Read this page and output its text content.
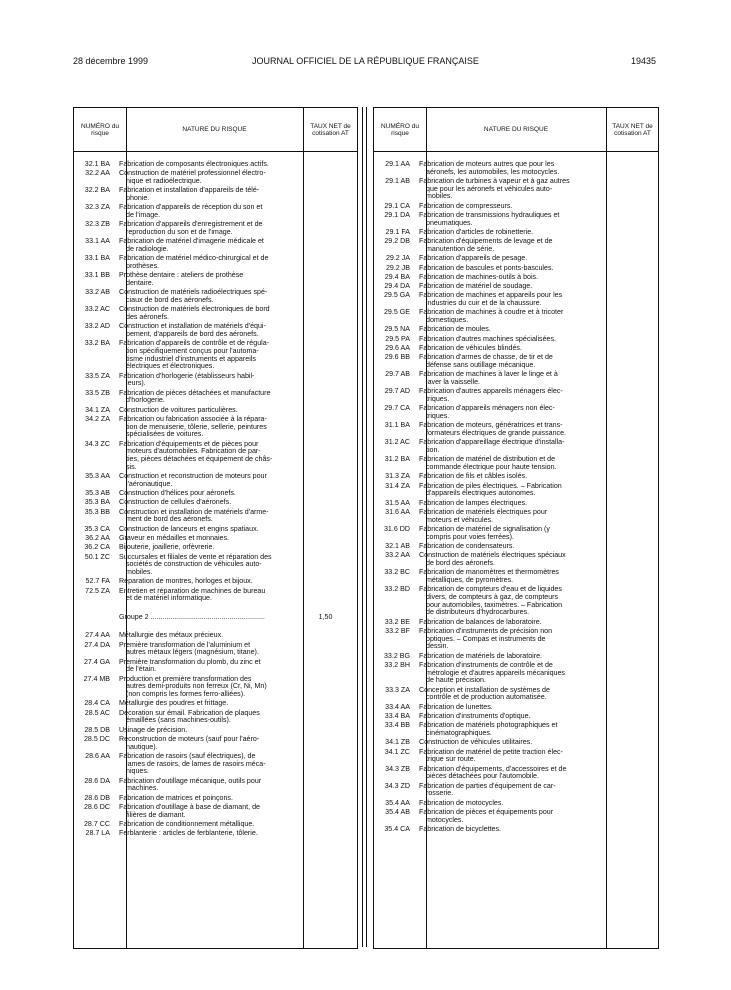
28 décembre 1999	JOURNAL OFFICIEL DE LA RÉPUBLIQUE FRANÇAISE	19435
NUMÉRO du risque	NATURE DU RISQUE	TAUX NET de cotisation AT
32.1 BA Fabrication de composants électroniques actifs.
32.2 AA Construction de matériel professionnel électro-
nique et radioélectrique.
32.2 BA Fabrication et installation d'appareils de télé-
phonie.
32.3 ZA Fabrication d'appareils de réception du son et
de l'image.
32.3 ZB Fabrication d'appareils d'enregistrement et de
reproduction du son et de l'image.
33.1 AA Fabrication de matériel d'imagerie médicale et
de radiologie.
33.1 BA Fabrication de matériel médico-chirurgical et de
prothèses.
33.1 BB Prothèse dentaire : ateliers de prothèse
dentaire.
33.2 AB Construction de matériels radioélectriques spé-
ciaux de bord des aéronefs.
33.2 AC Construction de matériels électroniques de bord
des aéronefs.
33.2 AD Construction et installation de matériels d'équi-
pement, d'appareils de bord des aéronefs.
33.2 BA Fabrication d'appareils de contrôle et de régula-
tion spécifiquement conçus pour l'automa-
tisme industriel d'instruments et appareils
électriques et électroniques.
33.5 ZA Fabrication d'horlogerie (établisseurs habil-
leurs).
33.5 ZB Fabrication de pièces détachées et manufacture
d'horlogerie.
34.1 ZA Construction de voitures particulières.
34.2 ZA Fabrication ou fabrication associée à la répara-
tion de menuiserie, tôlerie, sellerie, peintures
spécialisées de voitures.
34.3 ZC Fabrication d'équipements et de pièces pour
moteurs d'automobiles. Fabrication de par-
ties, pièces détachées et équipement de châs-
sis.
35.3 AA Construction et reconstruction de moteurs pour
l'aéronautique.
35.3 AB Construction d'hélices pour aéronefs.
35.3 BA Construction de cellules d'aéronefs.
35.3 BB Construction et installation de matériels d'arme-
ment de bord des aéronefs.
35.3 CA Construction de lanceurs et engins spatiaux.
36.2 AA Graveur en médailles et monnaies.
36.2 CA Bijouterie, joaillerie, orfèvrerie.
50.1 ZC Succursales et filiales de vente et réparation des
sociétés de construction de véhicules auto-
mobiles.
52.7 FA Réparation de montres, horloges et bijoux.
72.5 ZA Entretien et réparation de machines de bureau
et de matériel informatique.

Groupe 2 ..........................................................	1,50

27.4 AA Métallurgie des métaux précieux.
27.4 DA Première transformation de l'aluminium et
autres métaux légers (magnésium, titane).
27.4 GA Première transformation du plomb, du zinc et
de l'étain.
27.4 MB Production et première transformation des
autres demi-produits non ferreux (Cr, Ni, Mn)
(non compris les formes ferro-alliées).
28.4 CA Métallurgie des poudres et frittage.
28.5 AC Décoration sur émail. Fabrication de plaques
émaillées (sans machines-outils).
28.5 DB Usinage de précision.
28.5 DC Reconstruction de moteurs (sauf pour l'aéro-
nautique).
28.6 AA Fabrication de rasoirs (sauf électriques), de
lames de rasoirs, de lames de rasoirs méca-
niques.
28.6 DA Fabrication d'outillage mécanique, outils pour
machines.
28.6 DB Fabrication de matrices et poinçons.
28.6 DC Fabrication d'outillage à base de diamant, de
filières de diamant.
28.7 CC Fabrication de conditionnement métallique.
28.7 LA Ferblanterie : articles de ferblanterie, tôlerie.
NUMÉRO du risque	NATURE DU RISQUE	TAUX NET de cotisation AT
29.1 AA Fabrication de moteurs autres que pour les
aéronefs, les automobiles, les motocycles.
29.1 AB Fabrication de turbines à vapeur et à gaz autres
que pour les aéronefs et véhicules auto-
mobiles.
29.1 CA Fabrication de compresseurs.
29.1 DA Fabrication de transmissions hydrauliques et
pneumatiques.
29.1 FA Fabrication d'articles de robinetterie.
29.2 DB Fabrication d'équipements de levage et de
manutention de série.
29.2 JA Fabrication d'appareils de pesage.
29.2 JB Fabrication de bascules et ponts-bascules.
29.4 BA Fabrication de machines-outils à bois.
29.4 DA Fabrication de matériel de soudage.
29.5 GA Fabrication de machines et appareils pour les
industries du cuir et de la chaussure.
29.5 GE Fabrication de machines à coudre et à tricoter
domestiques.
29.5 NA Fabrication de moules.
29.5 PA Fabrication d'autres machines spécialisées.
29.6 AA Fabrication de véhicules blindés.
29.6 BB Fabrication d'armes de chasse, de tir et de
défense sans outillage mécanique.
29.7 AB Fabrication de machines à laver le linge et à
laver la vaisselle.
29.7 AD Fabrication d'autres appareils ménagers élec-
triques.
29.7 CA Fabrication d'appareils ménagers non élec-
triques.
31.1 BA Fabrication de moteurs, génératrices et trans-
formateurs électriques de grande puissance.
31.2 AC Fabrication d'appareillage électrique d'installa-
tion.
31.2 BA Fabrication de matériel de distribution et de
commande électrique pour haute tension.
31.3 ZA Fabrication de fils et câbles isolés.
31.4 ZA Fabrication de piles électriques. – Fabrication
d'appareils électriques autonomes.
31.5 AA Fabrication de lampes électriques.
31.6 AA Fabrication de matériels électriques pour
moteurs et véhicules.
31.6 DD Fabrication de matériel de signalisation (y
compris pour voies ferrées).
32.1 AB Fabrication de condensateurs.
33.2 AA Construction de matériels électriques spéciaux
de bord des aéronefs.
33.2 BC Fabrication de manomètres et thermomètres
métalliques, de pyromètres.
33.2 BD Fabrication de compteurs d'eau et de liquides
divers, de compteurs à gaz, de compteurs
pour automobiles, taximètres. – Fabrication
de distributeurs d'hydrocarbures.
33.2 BE Fabrication de balances de laboratoire.
33.2 BF Fabrication d'instruments de précision non
optiques. – Compas et instruments de
dessin.
33.2 BG Fabrication de matériels de laboratoire.
33.2 BH Fabrication d'instruments de contrôle et de
métrologie et d'autres appareils mécaniques
de haute précision.
33.3 ZA Conception et installation de systèmes de
contrôle et de production automatisée.
33.4 AA Fabrication de lunettes.
33.4 BA Fabrication d'instruments d'optique.
33.4 BB Fabrication de matériels photographiques et
cinématographiques.
34.1 ZB Construction de véhicules utilitaires.
34.1 ZC Fabrication de matériel de petite traction élec-
trique sur route.
34.3 ZB Fabrication d'équipements, d'accessoires et de
pièces détachées pour l'automobile.
34.3 ZD Fabrication de parties d'équipement de car-
rosserie.
35.4 AA Fabrication de motocycles.
35.4 AB Fabrication de pièces et équipements pour
motocycles.
35.4 CA Fabrication de bicyclettes.
